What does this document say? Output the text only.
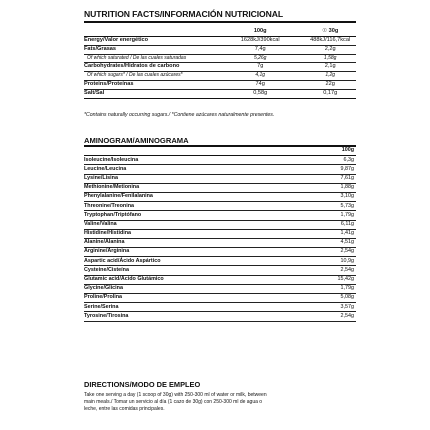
NUTRITION FACTS/INFORMACIÓN NUTRICIONAL
	100g	☉ 30g
Energy/Valor energético	1628kJ/390kcal	488kJ/116,7kcal
Fats/Grasas	7,4g	2,2g
Of which saturated / De las cuales saturadas	5,26g	1,58g
Carbohydrates/Hidratos de carbono	7g	2,1g
Of which sugars* / De las cuales azúcares*	4,1g	1,2g
Proteins/Proteínas	74g	22g
Salt/Sal	0,58g	0,17g
*Contains naturally occurring sugars./ *Contiene azúcares naturalmente presentes.
AMINOGRAM/AMINOGRAMA
	100g
Isoleucine/Isoleucina	6,3g
Leucine/Leucina	9,87g
Lysine/Lisina	7,61g
Methionine/Metionina	1,88g
Phenylalanine/Fenilalanina	3,10g
Threonine/Treonina	5,73g
Tryptophan/Triptófano	1,79g
Valine/Valina	6,11g
Histidine/Histidina	1,41g
Alanine/Alanina	4,51g
Arginine/Arginina	2,54g
Aspartic acid/Ácido Aspártico	10,9g
Cysteine/Cisteína	2,54g
Glutamic acid/Ácido Glutámico	15,42g
Glycine/Glicina	1,79g
Proline/Prolina	5,08g
Serine/Serina	3,57g
Tyrosine/Tirosina	2,54g
DIRECTIONS/MODO DE EMPLEO
Take one serving a day (1 scoop of 30g) with 250-300 ml of water or milk, between
main meals./ Tomar un servicio al día (1 cazo de 30g) con 250-300 ml de agua o
leche, entre las comidas principales.
